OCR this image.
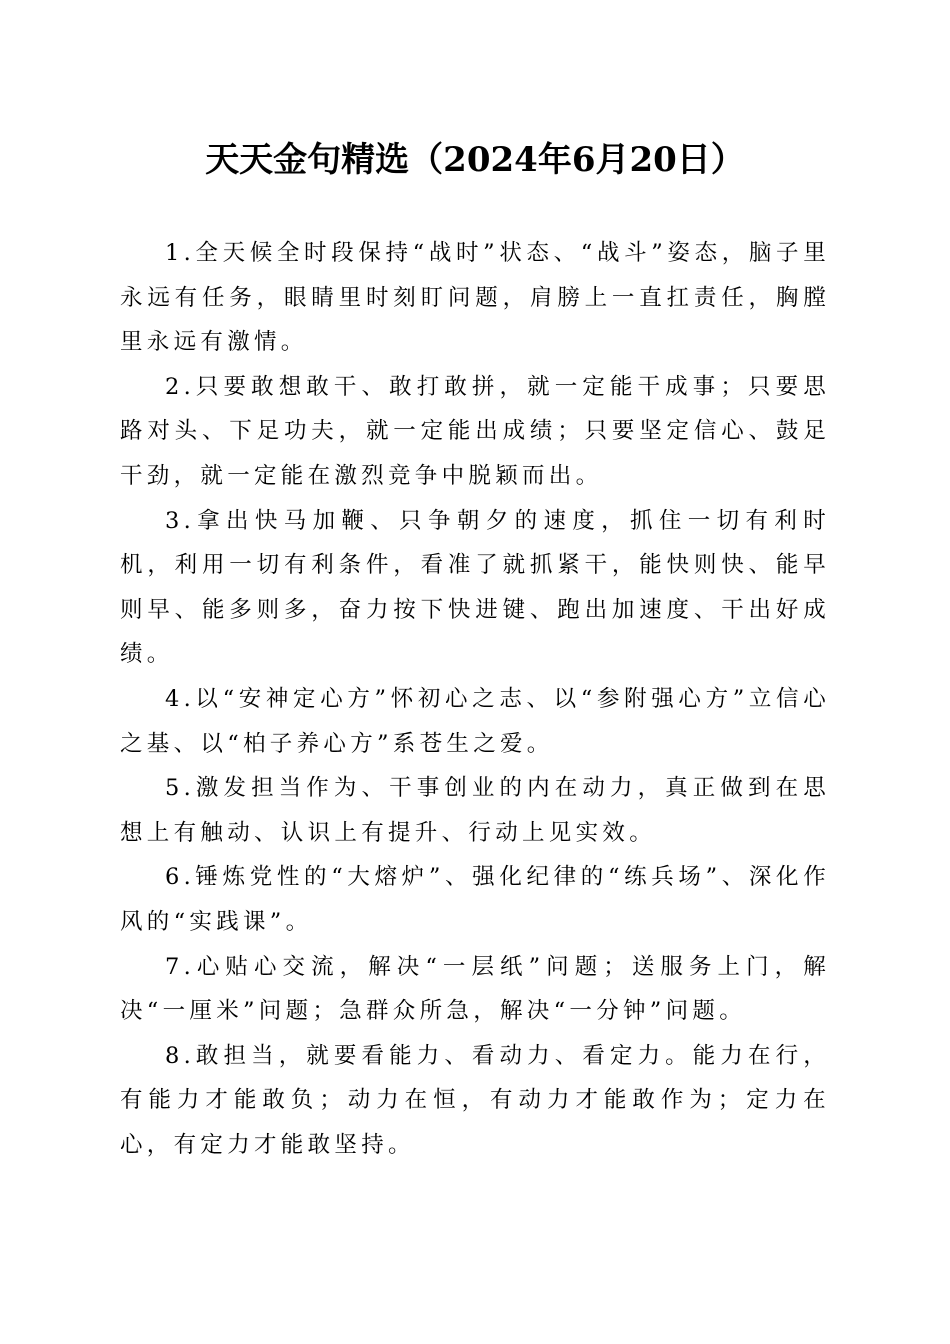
天天金句精选（2024年6月20日）

1.全天候全时段保持“战时”状态、“战斗”姿态，脑子里永远有任务，眼睛里时刻盯问题，肩膀上一直扛责任，胸膛里永远有激情。

2.只要敢想敢干、敢打敢拼，就一定能干成事；只要思路对头、下足功夫，就一定能出成绩；只要坚定信心、鼓足干劲，就一定能在激烈竞争中脱颖而出。

3.拿出快马加鞭、只争朝夕的速度，抓住一切有利时机，利用一切有利条件，看准了就抓紧干，能快则快、能早则早、能多则多，奋力按下快进键、跑出加速度、干出好成绩。

4.以“安神定心方”怀初心之志、以“参附强心方”立信心之基、以“柏子养心方”系苍生之爱。

5.激发担当作为、干事创业的内在动力，真正做到在思想上有触动、认识上有提升、行动上见实效。

6.锤炼党性的“大熔炉”、强化纪律的“练兵场”、深化作风的“实践课”。

7.心贴心交流，解决“一层纸”问题；送服务上门，解决“一厘米”问题；急群众所急，解决“一分钟”问题。

8.敢担当，就要看能力、看动力、看定力。能力在行，有能力才能敢负；动力在恒，有动力才能敢作为；定力在心，有定力才能敢坚持。
